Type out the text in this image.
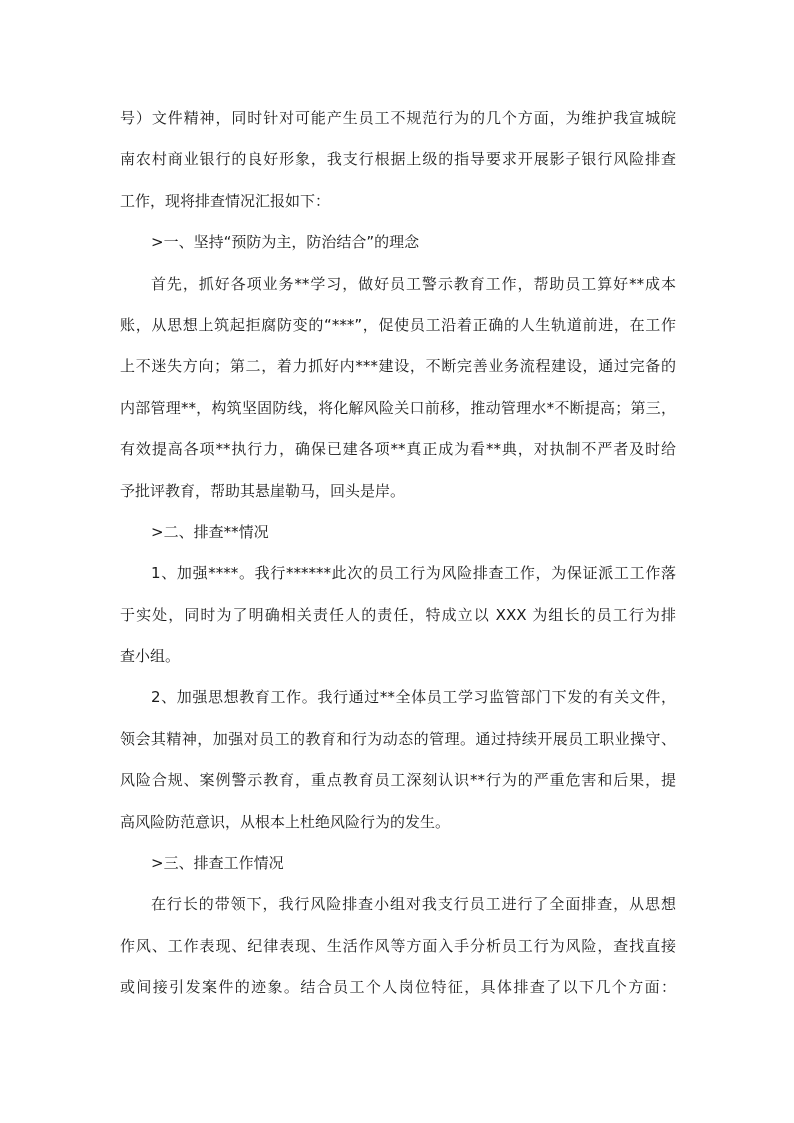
号）文件精神，同时针对可能产生员工不规范行为的几个方面，为维护我宣城皖
南农村商业银行的良好形象，我支行根据上级的指导要求开展影子银行风险排查
工作，现将排查情况汇报如下：
>一、坚持“预防为主，防治结合”的理念
首先，抓好各项业务**学习，做好员工警示教育工作，帮助员工算好**成本
账，从思想上筑起拒腐防变的“***”，促使员工沿着正确的人生轨道前进，在工作
上不迷失方向；第二，着力抓好内***建设，不断完善业务流程建设，通过完备的
内部管理**，构筑坚固防线，将化解风险关口前移，推动管理水*不断提高；第三，
有效提高各项**执行力，确保已建各项**真正成为看**典，对执制不严者及时给
予批评教育，帮助其悬崖勒马，回头是岸。
>二、排查**情况
1、加强****。我行******此次的员工行为风险排查工作，为保证派工工作落
于实处，同时为了明确相关责任人的责任，特成立以 XXX 为组长的员工行为排
查小组。
2、加强思想教育工作。我行通过**全体员工学习监管部门下发的有关文件，
领会其精神，加强对员工的教育和行为动态的管理。通过持续开展员工职业操守、
风险合规、案例警示教育，重点教育员工深刻认识**行为的严重危害和后果，提
高风险防范意识，从根本上杜绝风险行为的发生。
>三、排查工作情况
在行长的带领下，我行风险排查小组对我支行员工进行了全面排查，从思想
作风、工作表现、纪律表现、生活作风等方面入手分析员工行为风险，查找直接
或间接引发案件的迹象。结合员工个人岗位特征，具体排查了以下几个方面：
